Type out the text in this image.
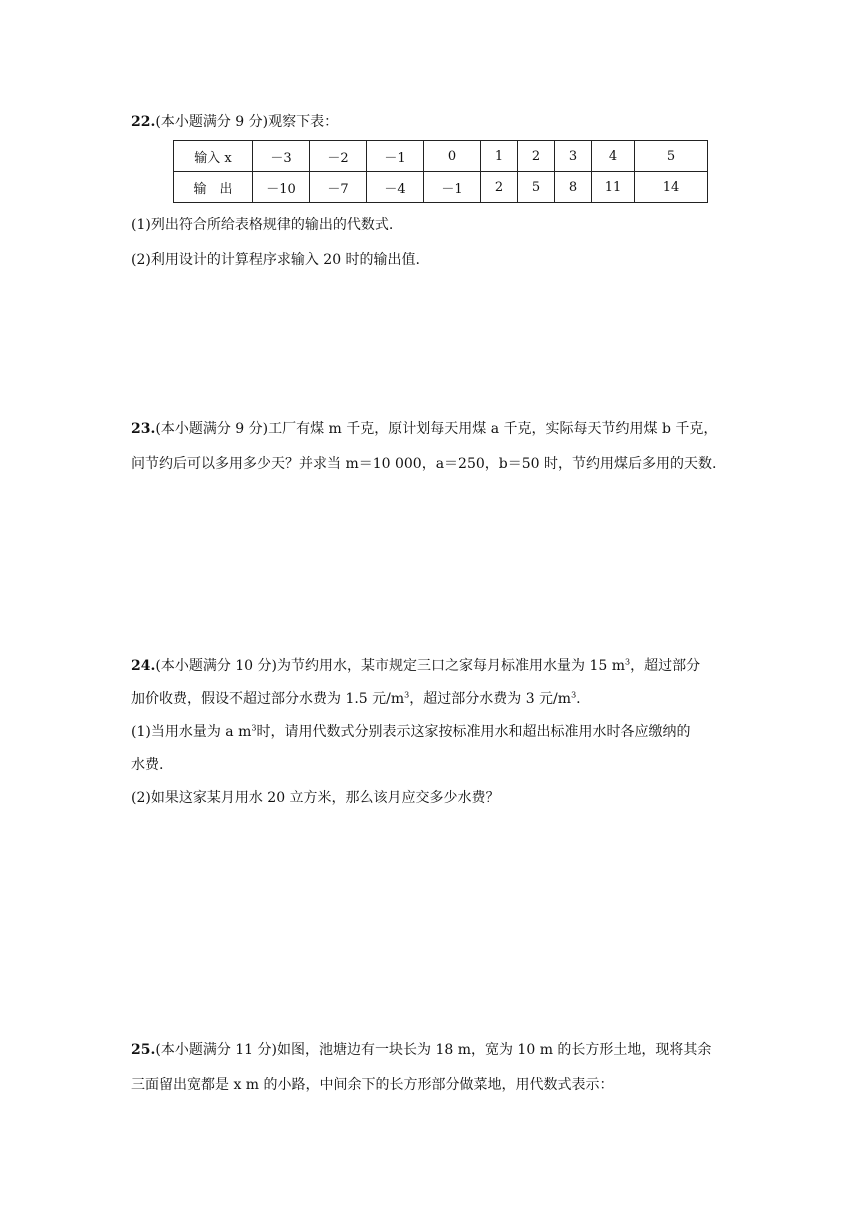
22.(本小题满分 9 分)观察下表：
输入 x	－3	－2	－1	0	1	2	3	4	5
输　出	－10	－7	－4	－1	2	5	8	11	14
(1)列出符合所给表格规律的输出的代数式.
(2)利用设计的计算程序求输入 20 时的输出值.
23.(本小题满分 9 分)工厂有煤 m 千克，原计划每天用煤 a 千克，实际每天节约用煤 b 千克，
问节约后可以多用多少天？并求当 m＝10 000，a＝250，b＝50 时，节约用煤后多用的天数.
24.(本小题满分 10 分)为节约用水，某市规定三口之家每月标准用水量为 15 $m^3$，超过部分
加价收费，假设不超过部分水费为 1.5 元$/m^3$，超过部分水费为 3 元$/m^3$.
(1)当用水量为 a $m^3$时，请用代数式分别表示这家按标准用水和超出标准用水时各应缴纳的
水费.
(2)如果这家某月用水 20 立方米，那么该月应交多少水费？
25.(本小题满分 11 分)如图，池塘边有一块长为 18 m，宽为 10 m 的长方形土地，现将其余
三面留出宽都是 x m 的小路，中间余下的长方形部分做菜地，用代数式表示：
